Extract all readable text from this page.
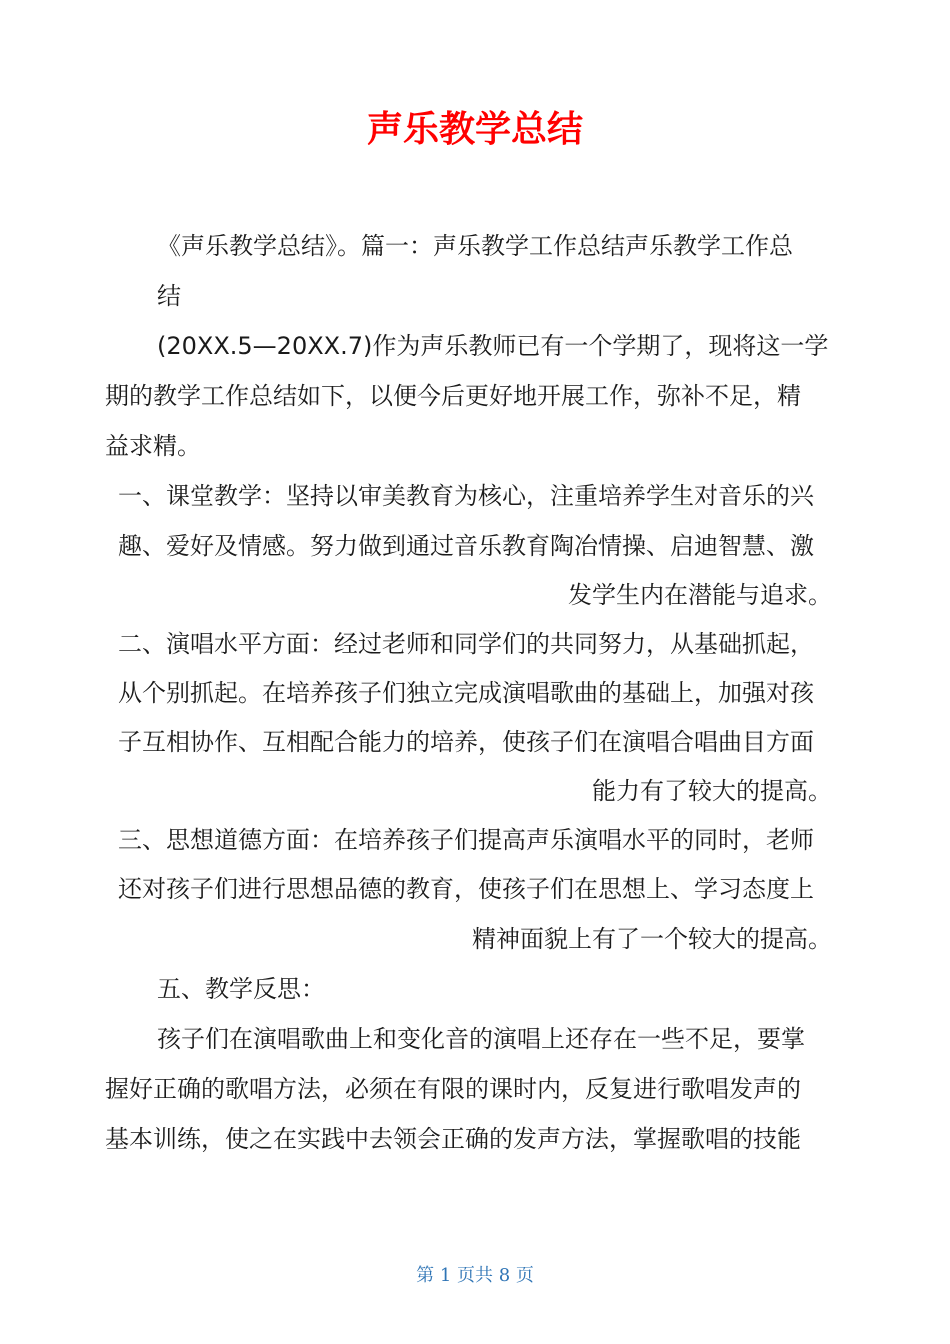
声乐教学总结

《声乐教学总结》。篇一：声乐教学工作总结声乐教学工作总

结

(20XX.5—20XX.7)作为声乐教师已有一个学期了，现将这一学

期的教学工作总结如下，以便今后更好地开展工作，弥补不足，精

益求精。

一、课堂教学：坚持以审美教育为核心，注重培养学生对音乐的兴

趣、爱好及情感。努力做到通过音乐教育陶冶情操、启迪智慧、激

发学生内在潜能与追求。

二、演唱水平方面：经过老师和同学们的共同努力，从基础抓起，

从个别抓起。在培养孩子们独立完成演唱歌曲的基础上，加强对孩

子互相协作、互相配合能力的培养，使孩子们在演唱合唱曲目方面

能力有了较大的提高。

三、思想道德方面：在培养孩子们提高声乐演唱水平的同时，老师

还对孩子们进行思想品德的教育，使孩子们在思想上、学习态度上

精神面貌上有了一个较大的提高。

五、教学反思：

孩子们在演唱歌曲上和变化音的演唱上还存在一些不足，要掌

握好正确的歌唱方法，必须在有限的课时内，反复进行歌唱发声的

基本训练，使之在实践中去领会正确的发声方法，掌握歌唱的技能

第 1 页共 8 页
